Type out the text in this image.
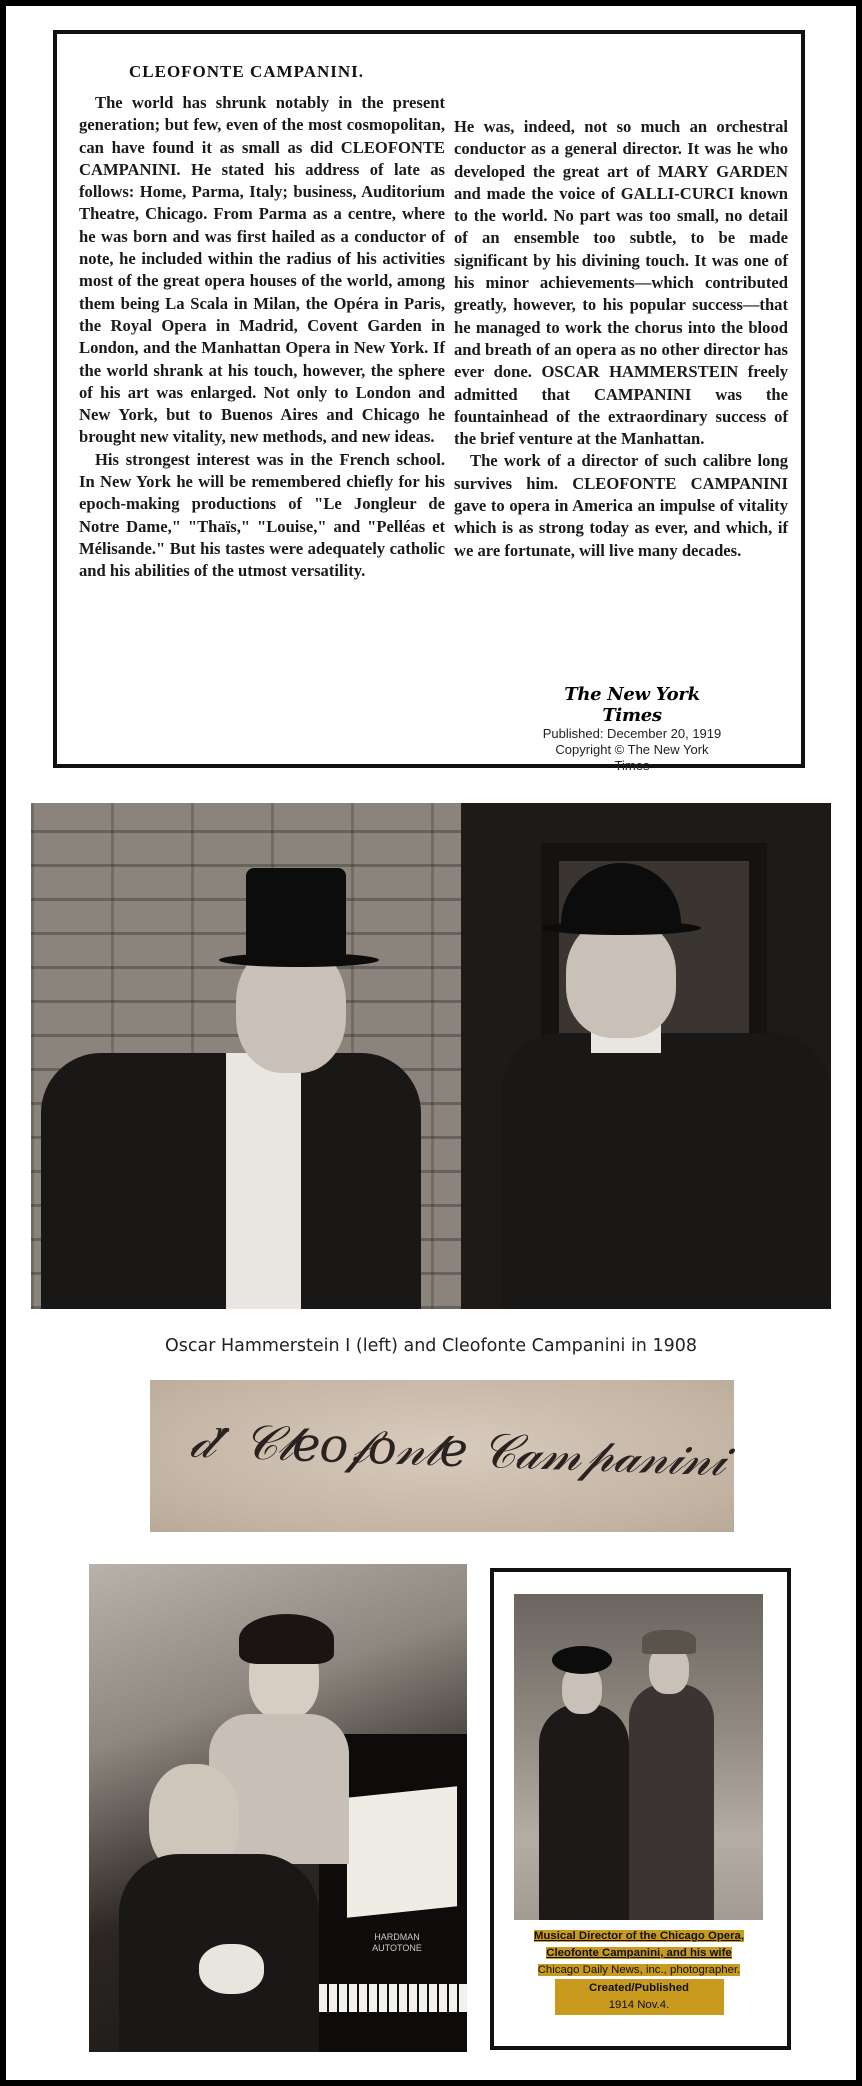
CLEOFONTE CAMPANINI.

The world has shrunk notably in the present generation; but few, even of the most cosmopolitan, can have found it as small as did CLEOFONTE CAMPANINI. He stated his address of late as follows: Home, Parma, Italy; business, Auditorium Theatre, Chicago. From Parma as a centre, where he was born and was first hailed as a conductor of note, he included within the radius of his activities most of the great opera houses of the world, among them being La Scala in Milan, the Opéra in Paris, the Royal Opera in Madrid, Covent Garden in London, and the Manhattan Opera in New York. If the world shrank at his touch, however, the sphere of his art was enlarged. Not only to London and New York, but to Buenos Aires and Chicago he brought new vitality, new methods, and new ideas.

His strongest interest was in the French school. In New York he will be remembered chiefly for his epoch-making productions of "Le Jongleur de Notre Dame," "Thaïs," "Louise," and "Pelléas et Mélisande." But his tastes were adequately catholic and his abilities of the utmost versatility.

He was, indeed, not so much an orchestral conductor as a general director. It was he who developed the great art of MARY GARDEN and made the voice of GALLI-CURCI known to the world. No part was too small, no detail of an ensemble too subtle, to be made significant by his divining touch. It was one of his minor achievements—which contributed greatly, however, to his popular success—that he managed to work the chorus into the blood and breath of an opera as no other director has ever done. OSCAR HAMMERSTEIN freely admitted that CAMPANINI was the fountainhead of the extraordinary success of the brief venture at the Manhattan.

The work of a director of such calibre long survives him. CLEOFONTE CAMPANINI gave to opera in America an impulse of vitality which is as strong today as ever, and which, if we are fortunate, will live many decades.

The New York Times
Published: December 20, 1919
Copyright © The New York Times
Oscar Hammerstein I (left) and Cleofonte Campanini in 1908
𝒹ʳ 𝒞𝓁𝑒𝑜𝒻𝑜𝓃𝓉𝑒 𝒞𝒶𝓂𝓅𝒶𝓃𝒾𝓃𝒾
HARDMAN AUTOTONE
Musical Director of the Chicago Opera,
Cleofonte Campanini, and his wife
Chicago Daily News, inc., photographer.
Created/Published
1914 Nov.4.
